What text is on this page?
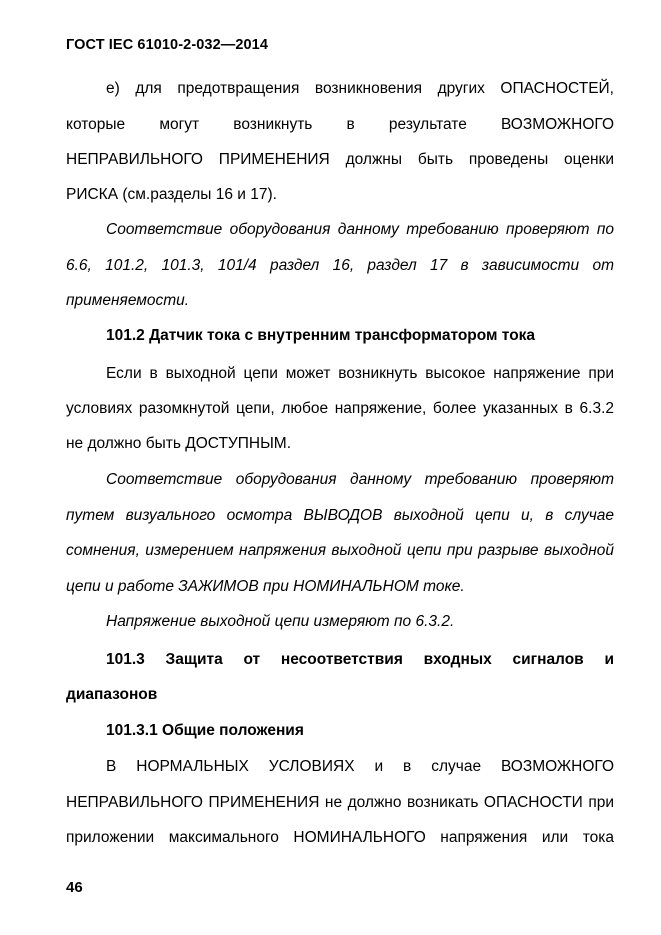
ГОСТ IEC 61010-2-032—2014
е) для предотвращения возникновения других ОПАСНОСТЕЙ,
которые могут возникнуть в результате ВОЗМОЖНОГО
НЕПРАВИЛЬНОГО ПРИМЕНЕНИЯ должны быть проведены оценки
РИСКА (см.разделы 16 и 17).
Соответствие оборудования данному требованию проверяют по
6.6, 101.2, 101.3, 101/4 раздел 16, раздел 17 в зависимости от
применяемости.
101.2 Датчик тока с внутренним трансформатором тока
Если в выходной цепи может возникнуть высокое напряжение при
условиях разомкнутой цепи, любое напряжение, более указанных в 6.3.2
не должно быть ДОСТУПНЫМ.
Соответствие оборудования данному требованию проверяют
путем визуального осмотра ВЫВОДОВ выходной цепи и, в случае
сомнения, измерением напряжения выходной цепи при разрыве выходной
цепи и работе ЗАЖИМОВ при НОМИНАЛЬНОМ токе.
Напряжение выходной цепи измеряют по 6.3.2.
101.3 Защита от несоответствия входных сигналов и
диапазонов
101.3.1 Общие положения
В НОРМАЛЬНЫХ УСЛОВИЯХ и в случае ВОЗМОЖНОГО
НЕПРАВИЛЬНОГО ПРИМЕНЕНИЯ не должно возникать ОПАСНОСТИ при
приложении максимального НОМИНАЛЬНОГО напряжения или тока
46
